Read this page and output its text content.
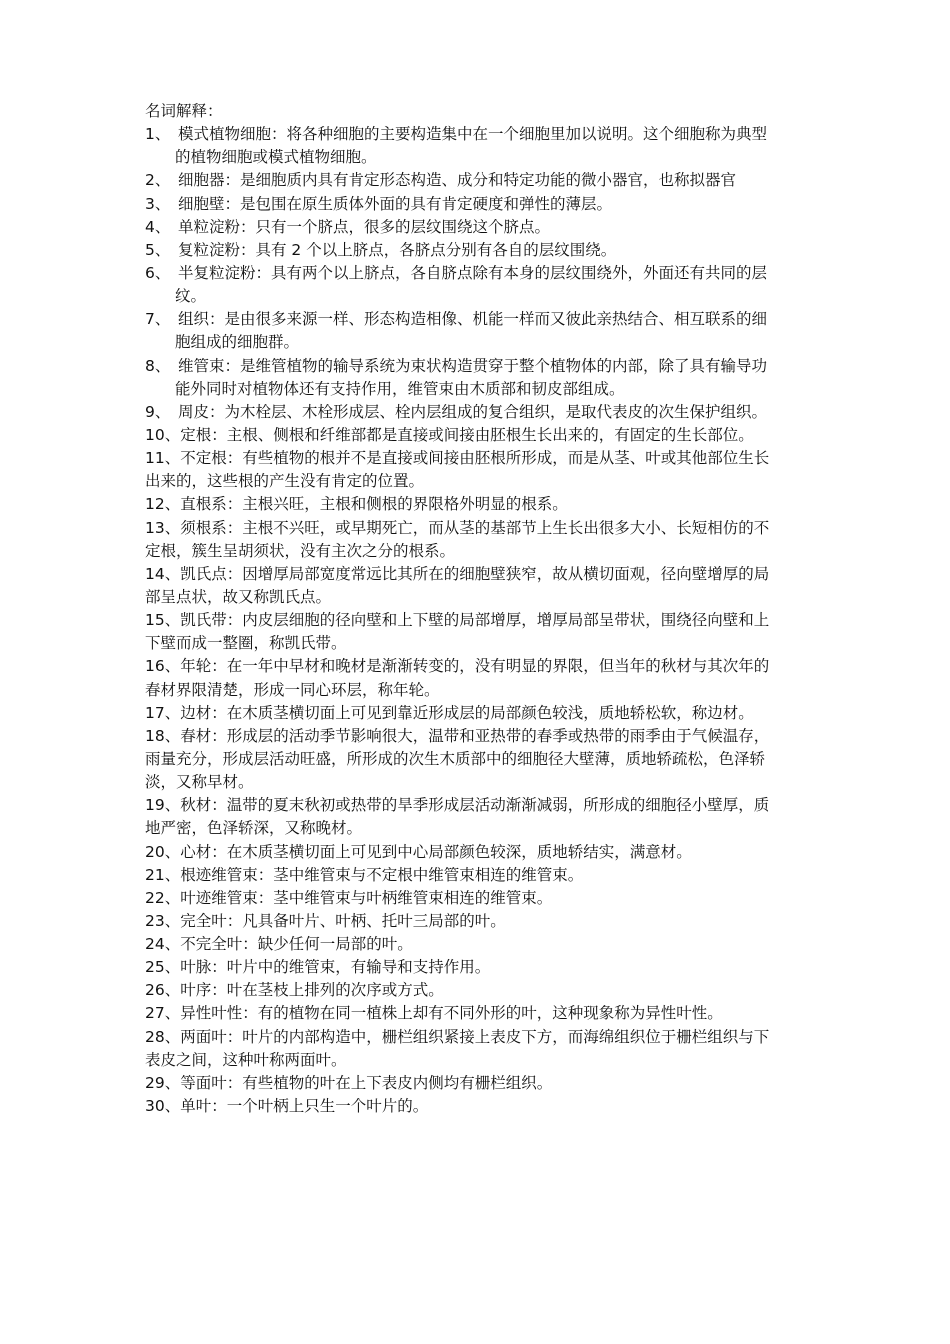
名词解释：
1、 模式植物细胞：将各种细胞的主要构造集中在一个细胞里加以说明。这个细胞称为典型
的植物细胞或模式植物细胞。
2、 细胞器：是细胞质内具有肯定形态构造、成分和特定功能的微小器官，也称拟器官
3、 细胞壁：是包围在原生质体外面的具有肯定硬度和弹性的薄层。
4、 单粒淀粉：只有一个脐点，很多的层纹围绕这个脐点。
5、 复粒淀粉：具有 2 个以上脐点，各脐点分别有各自的层纹围绕。
6、 半复粒淀粉：具有两个以上脐点，各自脐点除有本身的层纹围绕外，外面还有共同的层
纹。
7、 组织：是由很多来源一样、形态构造相像、机能一样而又彼此亲热结合、相互联系的细
胞组成的细胞群。
8、 维管束：是维管植物的输导系统为束状构造贯穿于整个植物体的内部，除了具有输导功
能外同时对植物体还有支持作用，维管束由木质部和韧皮部组成。
9、 周皮：为木栓层、木栓形成层、栓内层组成的复合组织，是取代表皮的次生保护组织。
10、定根：主根、侧根和纤维部都是直接或间接由胚根生长出来的，有固定的生长部位。
11、不定根：有些植物的根并不是直接或间接由胚根所形成，而是从茎、叶或其他部位生长
出来的，这些根的产生没有肯定的位置。
12、直根系：主根兴旺，主根和侧根的界限格外明显的根系。
13、须根系：主根不兴旺，或早期死亡，而从茎的基部节上生长出很多大小、长短相仿的不
定根，簇生呈胡须状，没有主次之分的根系。
14、凯氏点：因增厚局部宽度常远比其所在的细胞壁狭窄，故从横切面观，径向壁增厚的局
部呈点状，故又称凯氏点。
15、凯氏带：内皮层细胞的径向壁和上下壁的局部增厚，增厚局部呈带状，围绕径向壁和上
下壁而成一整圈，称凯氏带。
16、年轮：在一年中早材和晚材是渐渐转变的，没有明显的界限，但当年的秋材与其次年的
春材界限清楚，形成一同心环层，称年轮。
17、边材：在木质茎横切面上可见到靠近形成层的局部颜色较浅，质地轿松软，称边材。
18、春材：形成层的活动季节影响很大，温带和亚热带的春季或热带的雨季由于气候温存，
雨量充分，形成层活动旺盛，所形成的次生木质部中的细胞径大壁薄，质地轿疏松，色泽轿
淡，又称早材。
19、秋材：温带的夏末秋初或热带的旱季形成层活动渐渐减弱，所形成的细胞径小壁厚，质
地严密，色泽轿深，又称晚材。
20、心材：在木质茎横切面上可见到中心局部颜色较深，质地轿结实，满意材。
21、根迹维管束：茎中维管束与不定根中维管束相连的维管束。
22、叶迹维管束：茎中维管束与叶柄维管束相连的维管束。
23、完全叶：凡具备叶片、叶柄、托叶三局部的叶。
24、不完全叶：缺少任何一局部的叶。
25、叶脉：叶片中的维管束，有输导和支持作用。
26、叶序：叶在茎枝上排列的次序或方式。
27、异性叶性：有的植物在同一植株上却有不同外形的叶，这种现象称为异性叶性。
28、两面叶：叶片的内部构造中，栅栏组织紧接上表皮下方，而海绵组织位于栅栏组织与下
表皮之间，这种叶称两面叶。
29、等面叶：有些植物的叶在上下表皮内侧均有栅栏组织。
30、单叶：一个叶柄上只生一个叶片的。
